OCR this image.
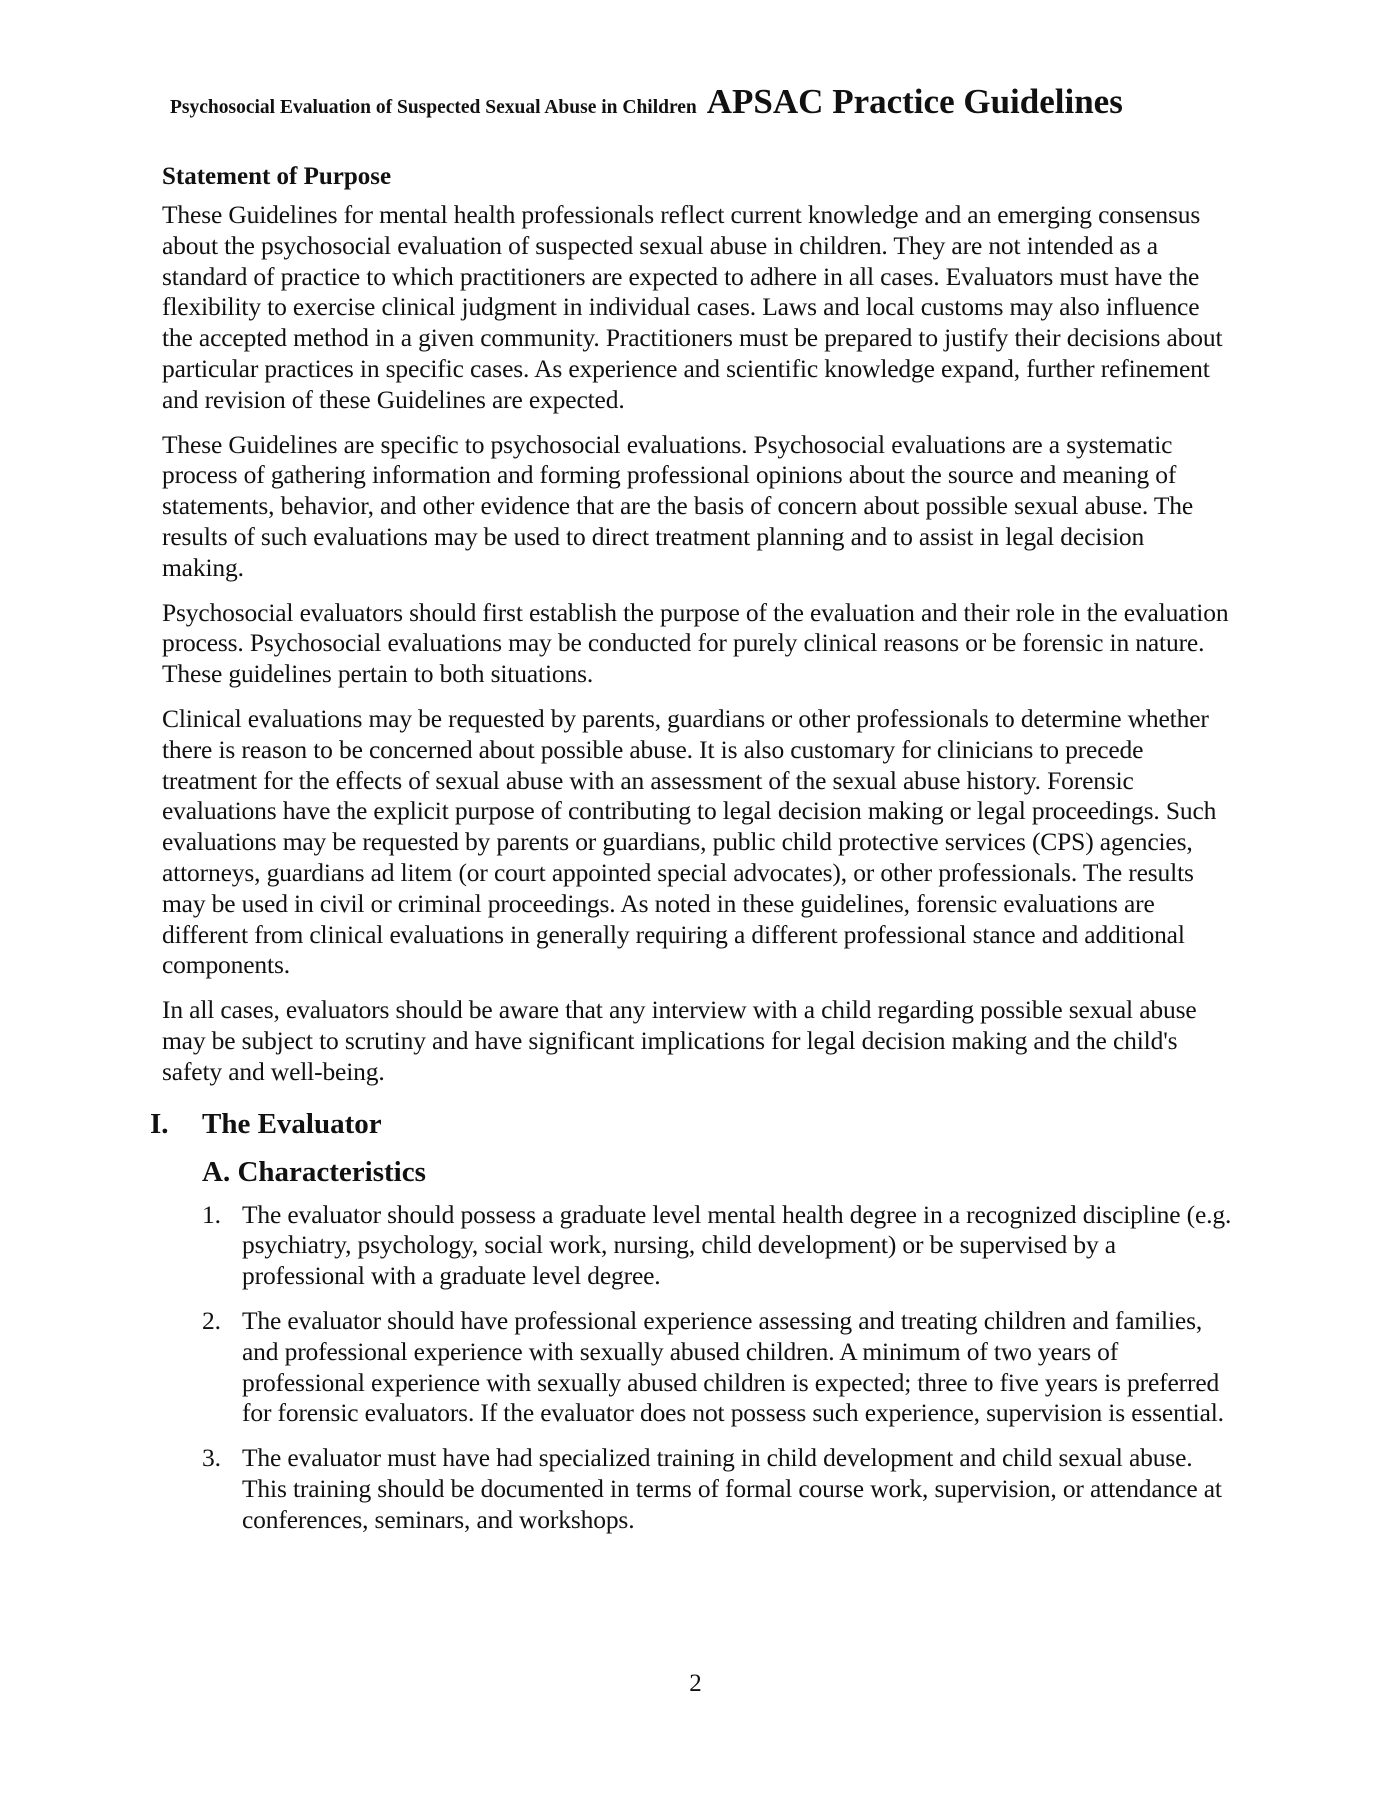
Psychosocial Evaluation of Suspected Sexual Abuse in Children APSAC Practice Guidelines
Statement of Purpose

These Guidelines for mental health professionals reflect current knowledge and an emerging consensus about the psychosocial evaluation of suspected sexual abuse in children. They are not intended as a standard of practice to which practitioners are expected to adhere in all cases. Evaluators must have the flexibility to exercise clinical judgment in individual cases. Laws and local customs may also influence the accepted method in a given community. Practitioners must be prepared to justify their decisions about particular practices in specific cases. As experience and scientific knowledge expand, further refinement and revision of these Guidelines are expected.

These Guidelines are specific to psychosocial evaluations. Psychosocial evaluations are a systematic process of gathering information and forming professional opinions about the source and meaning of statements, behavior, and other evidence that are the basis of concern about possible sexual abuse. The results of such evaluations may be used to direct treatment planning and to assist in legal decision making.

Psychosocial evaluators should first establish the purpose of the evaluation and their role in the evaluation process. Psychosocial evaluations may be conducted for purely clinical reasons or be forensic in nature. These guidelines pertain to both situations.

Clinical evaluations may be requested by parents, guardians or other professionals to determine whether there is reason to be concerned about possible abuse. It is also customary for clinicians to precede treatment for the effects of sexual abuse with an assessment of the sexual abuse history. Forensic evaluations have the explicit purpose of contributing to legal decision making or legal proceedings. Such evaluations may be requested by parents or guardians, public child protective services (CPS) agencies, attorneys, guardians ad litem (or court appointed special advocates), or other professionals. The results may be used in civil or criminal proceedings. As noted in these guidelines, forensic evaluations are different from clinical evaluations in generally requiring a different professional stance and additional components.

In all cases, evaluators should be aware that any interview with a child regarding possible sexual abuse may be subject to scrutiny and have significant implications for legal decision making and the child's safety and well-being.

I. The Evaluator
A. Characteristics
1. The evaluator should possess a graduate level mental health degree in a recognized discipline (e.g. psychiatry, psychology, social work, nursing, child development) or be supervised by a professional with a graduate level degree.
2. The evaluator should have professional experience assessing and treating children and families, and professional experience with sexually abused children. A minimum of two years of professional experience with sexually abused children is expected; three to five years is preferred for forensic evaluators. If the evaluator does not possess such experience, supervision is essential.
3. The evaluator must have had specialized training in child development and child sexual abuse. This training should be documented in terms of formal course work, supervision, or attendance at conferences, seminars, and workshops.
2
